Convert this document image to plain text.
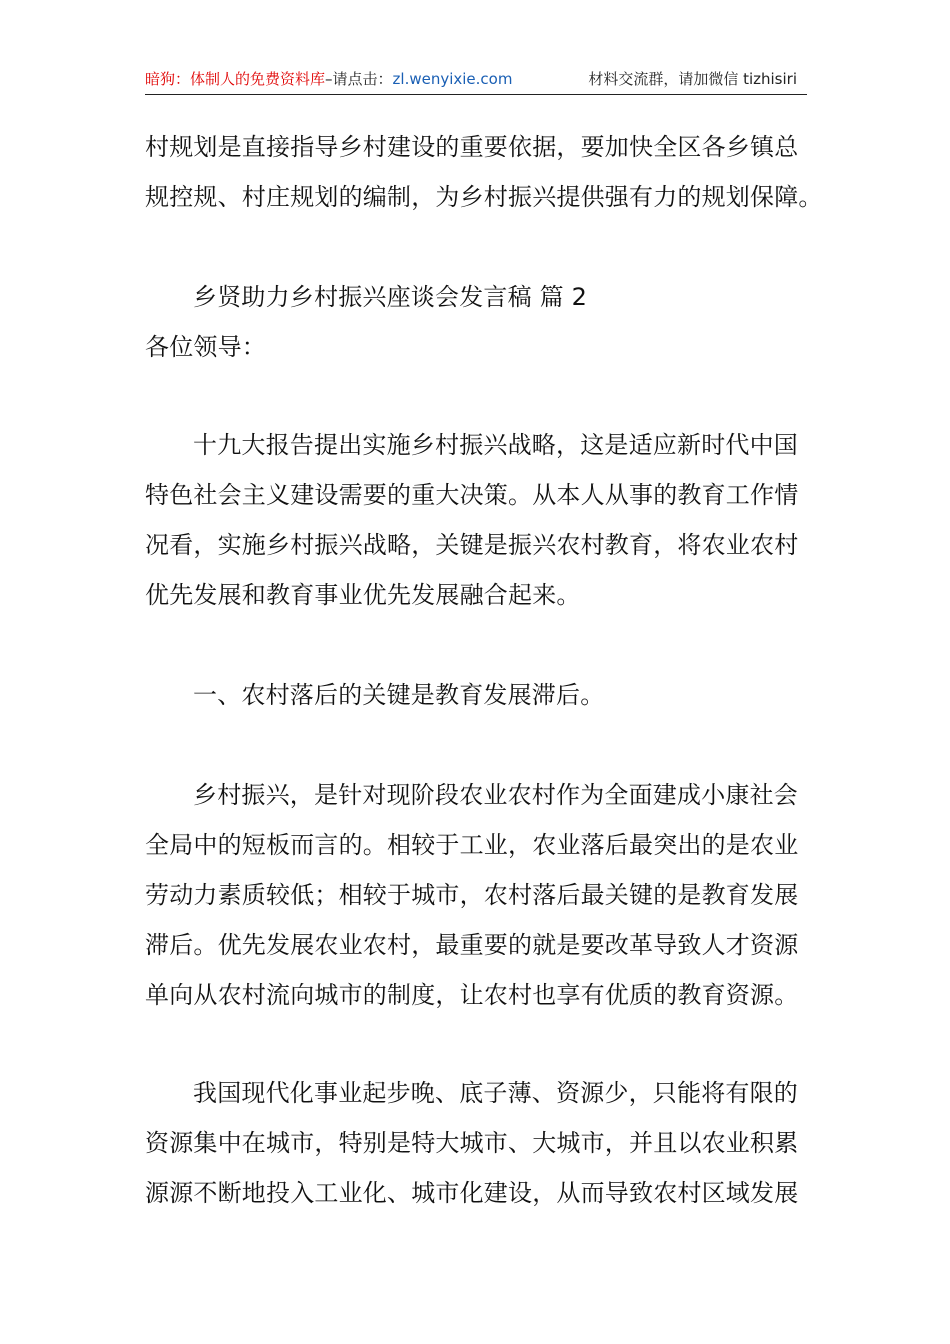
暗狗：体制人的免费资料库–请点击：zl.wenyixie.com	材料交流群，请加微信 tizhisiri
村规划是直接指导乡村建设的重要依据，要加快全区各乡镇总
规控规、村庄规划的编制，为乡村振兴提供强有力的规划保障。
乡贤助力乡村振兴座谈会发言稿 篇 2
各位领导：
十九大报告提出实施乡村振兴战略，这是适应新时代中国
特色社会主义建设需要的重大决策。从本人从事的教育工作情
况看，实施乡村振兴战略，关键是振兴农村教育，将农业农村
优先发展和教育事业优先发展融合起来。
一、农村落后的关键是教育发展滞后。
乡村振兴，是针对现阶段农业农村作为全面建成小康社会
全局中的短板而言的。相较于工业，农业落后最突出的是农业
劳动力素质较低；相较于城市，农村落后最关键的是教育发展
滞后。优先发展农业农村，最重要的就是要改革导致人才资源
单向从农村流向城市的制度，让农村也享有优质的教育资源。
我国现代化事业起步晚、底子薄、资源少，只能将有限的
资源集中在城市，特别是特大城市、大城市，并且以农业积累
源源不断地投入工业化、城市化建设，从而导致农村区域发展
